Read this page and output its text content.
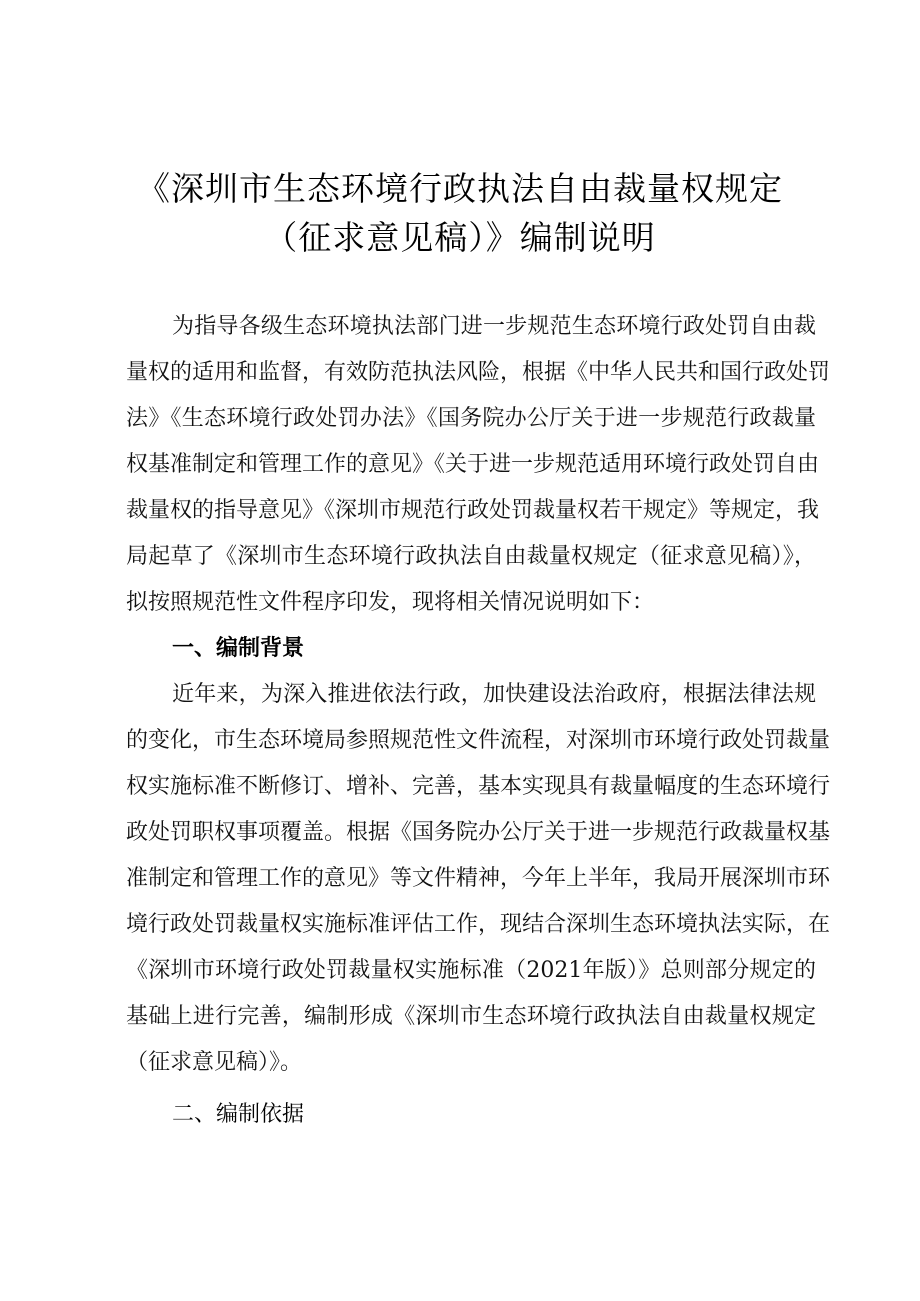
《深圳市生态环境行政执法自由裁量权规定
（征求意见稿）》编制说明
为指导各级生态环境执法部门进一步规范生态环境行政处罚自由裁
量权的适用和监督，有效防范执法风险，根据《中华人民共和国行政处罚
法》《生态环境行政处罚办法》《国务院办公厅关于进一步规范行政裁量
权基准制定和管理工作的意见》《关于进一步规范适用环境行政处罚自由
裁量权的指导意见》《深圳市规范行政处罚裁量权若干规定》等规定，我
局起草了《深圳市生态环境行政执法自由裁量权规定（征求意见稿）》，
拟按照规范性文件程序印发，现将相关情况说明如下：
一、编制背景
近年来，为深入推进依法行政，加快建设法治政府，根据法律法规
的变化，市生态环境局参照规范性文件流程，对深圳市环境行政处罚裁量
权实施标准不断修订、增补、完善，基本实现具有裁量幅度的生态环境行
政处罚职权事项覆盖。根据《国务院办公厅关于进一步规范行政裁量权基
准制定和管理工作的意见》等文件精神，今年上半年，我局开展深圳市环
境行政处罚裁量权实施标准评估工作，现结合深圳生态环境执法实际，在
《深圳市环境行政处罚裁量权实施标准（2021年版）》总则部分规定的
基础上进行完善，编制形成《深圳市生态环境行政执法自由裁量权规定
（征求意见稿）》。
二、编制依据
